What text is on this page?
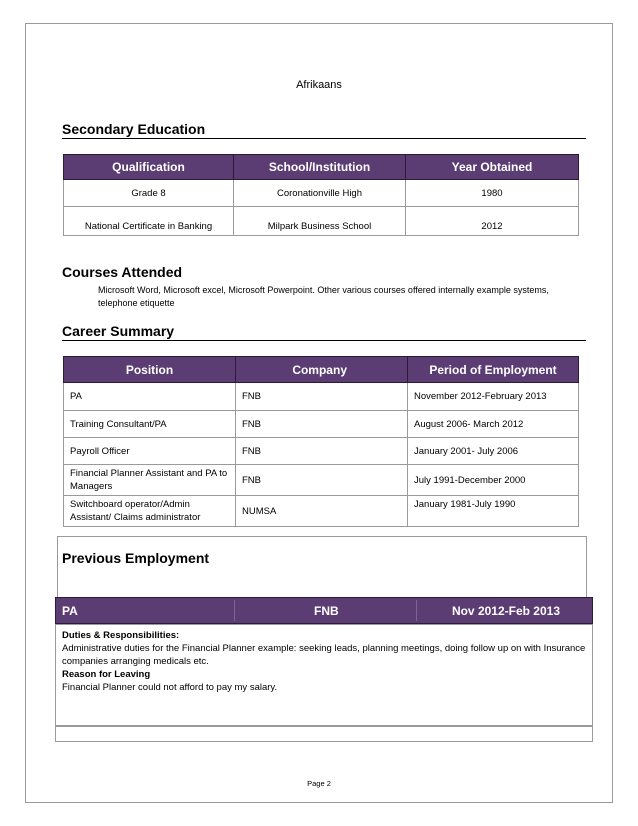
Afrikaans
Secondary Education
Qualification	School/Institution	Year Obtained
Grade 8	Coronationville High	1980
National Certificate in Banking	Milpark Business School	2012
Courses Attended
Microsoft Word, Microsoft excel, Microsoft Powerpoint. Other various courses offered internally example systems, telephone etiquette
Career Summary
Position	Company	Period of Employment
PA	FNB	November 2012-February 2013
Training Consultant/PA	FNB	August 2006- March 2012
Payroll Officer	FNB	January 2001- July 2006
Financial Planner Assistant and PA to Managers	FNB	July 1991-December 2000
Switchboard operator/Admin Assistant/ Claims administrator	NUMSA	January 1981-July 1990
Previous Employment
PA	FNB	Nov 2012-Feb 2013
Duties & Responsibilities:
Administrative duties for the Financial Planner example: seeking leads, planning meetings, doing follow up on with Insurance companies arranging medicals etc.
Reason for Leaving
Financial Planner could not afford to pay my salary.
Page 2
